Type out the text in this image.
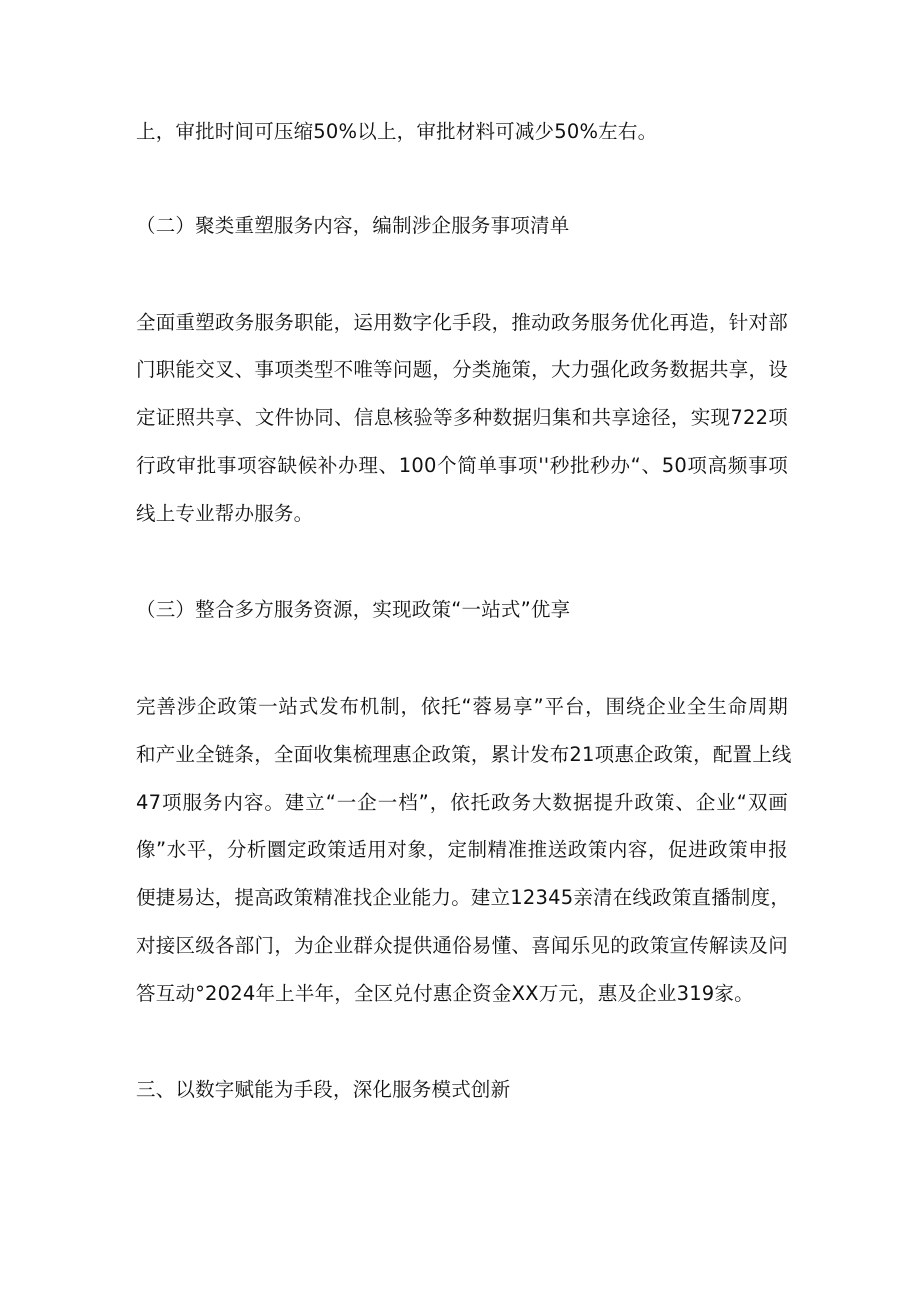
上，审批时间可压缩50%以上，审批材料可减少50%左右。
（二）聚类重塑服务内容，编制涉企服务事项清单
全面重塑政务服务职能，运用数字化手段，推动政务服务优化再造，针对部
门职能交叉、事项类型不唯等问题，分类施策，大力强化政务数据共享，设
定证照共享、文件协同、信息核验等多种数据归集和共享途径，实现722项
行政审批事项容缺候补办理、100个简单事项''秒批秒办“、50项高频事项
线上专业帮办服务。
（三）整合多方服务资源，实现政策“一站式”优享
完善涉企政策一站式发布机制，依托“蓉易享”平台，围绕企业全生命周期
和产业全链条，全面收集梳理惠企政策，累计发布21项惠企政策，配置上线
47项服务内容。建立“一企一档”，依托政务大数据提升政策、企业“双画
像”水平，分析圜定政策适用对象，定制精准推送政策内容，促进政策申报
便捷易达，提高政策精准找企业能力。建立12345亲清在线政策直播制度，
对接区级各部门，为企业群众提供通俗易懂、喜闻乐见的政策宣传解读及问
答互动°2024年上半年，全区兑付惠企资金XX万元，惠及企业319家。
三、以数字赋能为手段，深化服务模式创新
